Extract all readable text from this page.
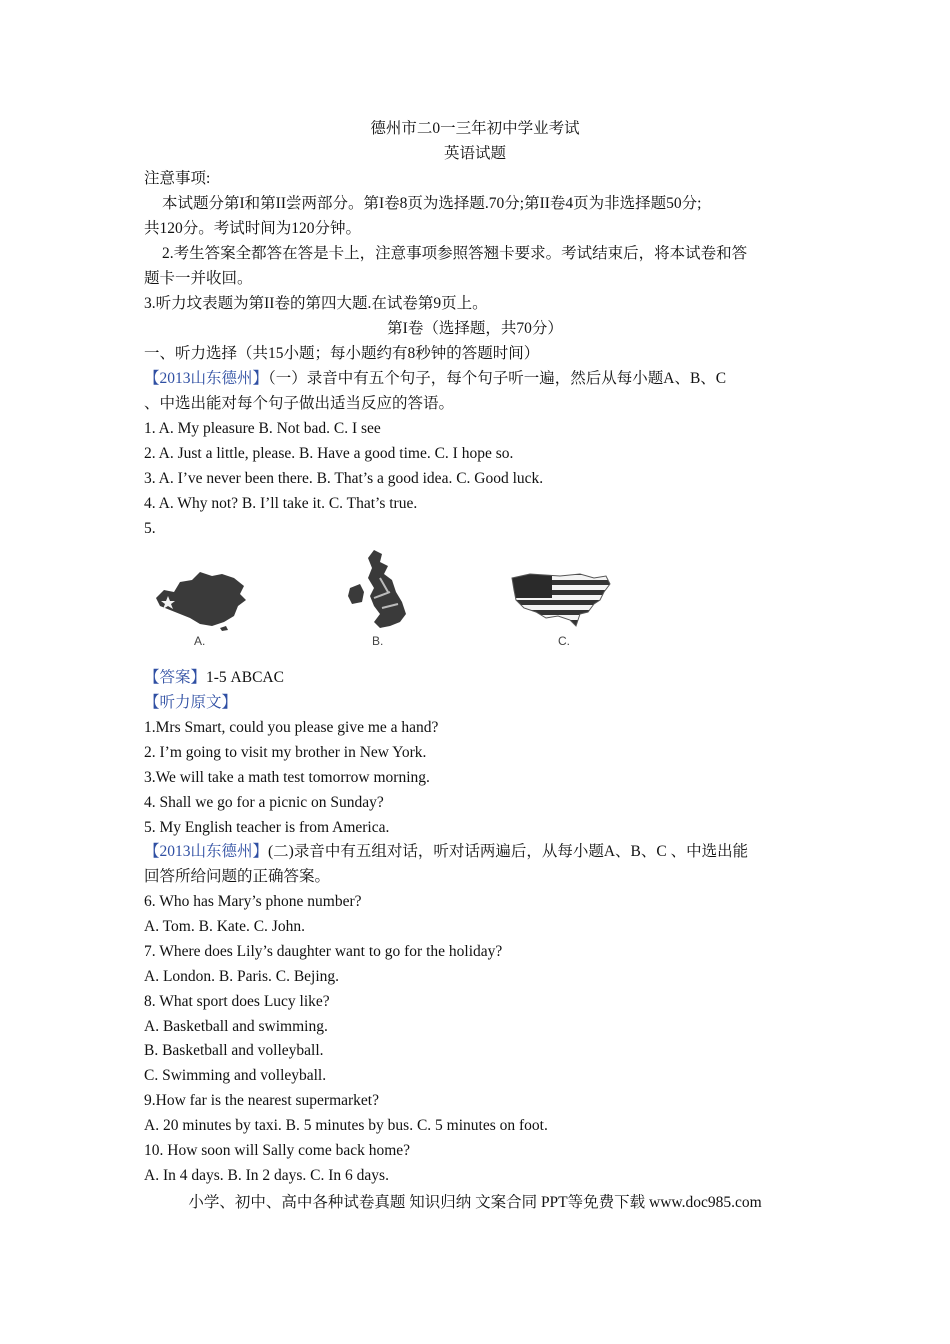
德州市二0一三年初中学业考试
英语试题
注意事项:
本试题分第I和第II尝两部分。第I卷8页为选择题.70分;第II卷4页为非选择题50分;
共120分。考试时间为120分钟。
2.考生答案全都答在答是卡上，注意事项参照答翘卡要求。考试结束后，将本试卷和答
题卡一并收回。
3.听力坟表题为第II卷的第四大题.在试卷第9页上。
第I卷（选择题，共70分）
一、听力选择（共15小题；每小题约有8秒钟的答题时间）
【2013山东德州】（一）录音中有五个句子，每个句子听一遍，然后从每小题A、B、C
、中选出能对每个句子做出适当反应的答语。
1. A. My pleasure B. Not bad. C. I see
2. A. Just a little, please. B. Have a good time. C. I hope so.
3. A. I’ve never been there. B. That’s a good idea. C. Good luck.
4. A. Why not? B. I’ll take it. C. That’s true.
5.
A.	B.	C.
【答案】1-5 ABCAC
【听力原文】
1.Mrs Smart, could you please give me a hand?
2. I’m going to visit my brother in New York.
3.We will take a math test tomorrow morning.
4. Shall we go for a picnic on Sunday?
5. My English teacher is from America.
【2013山东德州】(二)录音中有五组对话，听对话两遍后，从每小题A、B、C 、中选出能
回答所给问题的正确答案。
6. Who has Mary’s phone number?
A. Tom. B. Kate. C. John.
7. Where does Lily’s daughter want to go for the holiday?
A. London. B. Paris. C. Bejing.
8. What sport does Lucy like?
A. Basketball and swimming.
B. Basketball and volleyball.
C. Swimming and volleyball.
9.How far is the nearest supermarket?
A. 20 minutes by taxi. B. 5 minutes by bus. C. 5 minutes on foot.
10. How soon will Sally come back home?
A. In 4 days. B. In 2 days. C. In 6 days.
小学、初中、高中各种试卷真题 知识归纳 文案合同 PPT等免费下载 www.doc985.com
